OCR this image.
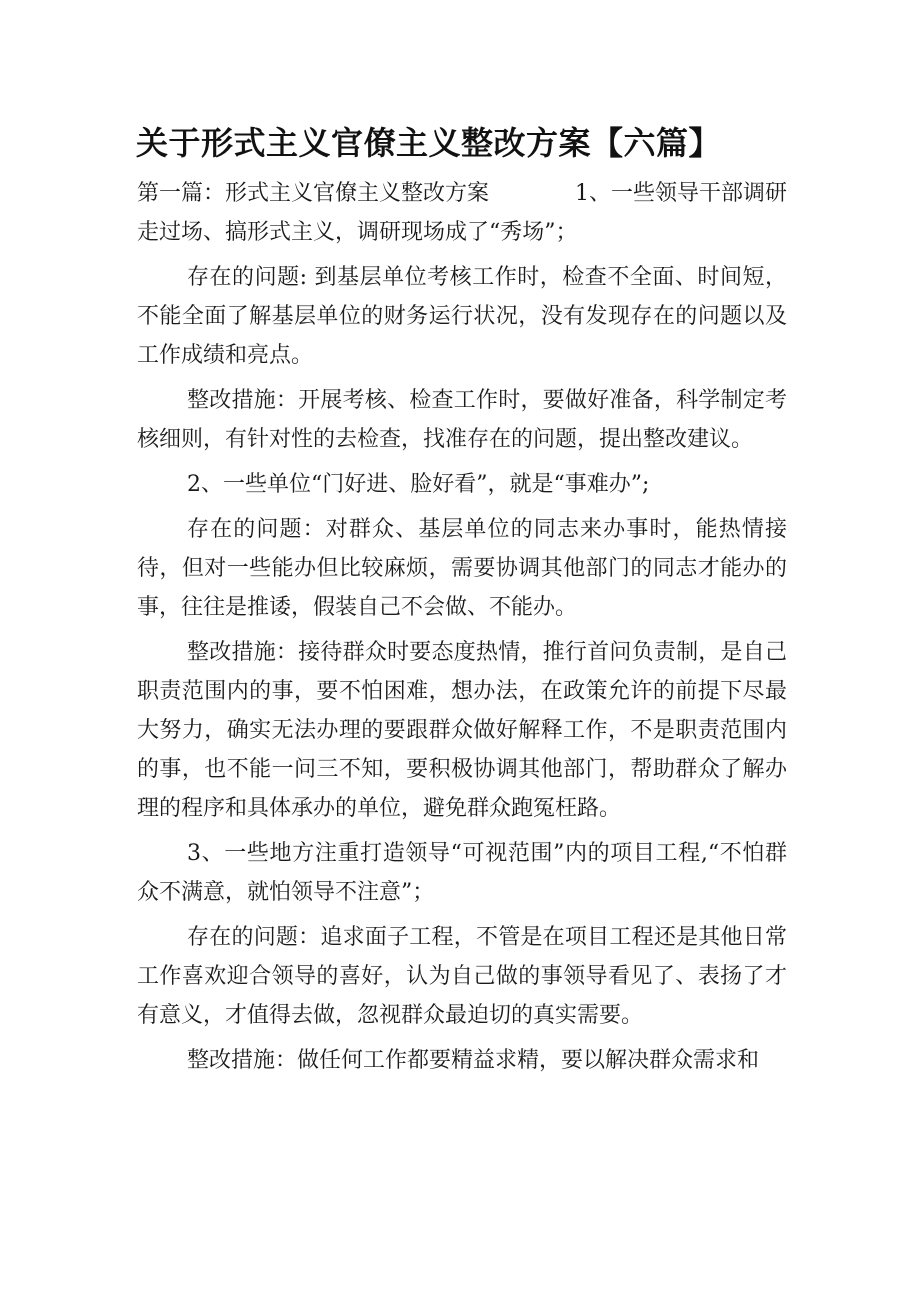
关于形式主义官僚主义整改方案【六篇】

第一篇：形式主义官僚主义整改方案	1、一些领导干部调研走过场、搞形式主义，调研现场成了“秀场”；

存在的问题: 到基层单位考核工作时，检查不全面、时间短，不能全面了解基层单位的财务运行状况，没有发现存在的问题以及工作成绩和亮点。

整改措施：开展考核、检查工作时，要做好准备，科学制定考核细则，有针对性的去检查，找准存在的问题，提出整改建议。

2、一些单位“门好进、脸好看”，就是“事难办”;

存在的问题：对群众、基层单位的同志来办事时，能热情接待，但对一些能办但比较麻烦，需要协调其他部门的同志才能办的事，往往是推诿，假装自己不会做、不能办。

整改措施：接待群众时要态度热情，推行首问负责制，是自己职责范围内的事，要不怕困难，想办法，在政策允许的前提下尽最大努力，确实无法办理的要跟群众做好解释工作，不是职责范围内的事，也不能一问三不知，要积极协调其他部门，帮助群众了解办理的程序和具体承办的单位，避免群众跑冤枉路。

3、一些地方注重打造领导“可视范围”内的项目工程,“不怕群众不满意，就怕领导不注意”；

存在的问题：追求面子工程，不管是在项目工程还是其他日常工作喜欢迎合领导的喜好，认为自己做的事领导看见了、表扬了才有意义，才值得去做，忽视群众最迫切的真实需要。

整改措施：做任何工作都要精益求精，要以解决群众需求和
